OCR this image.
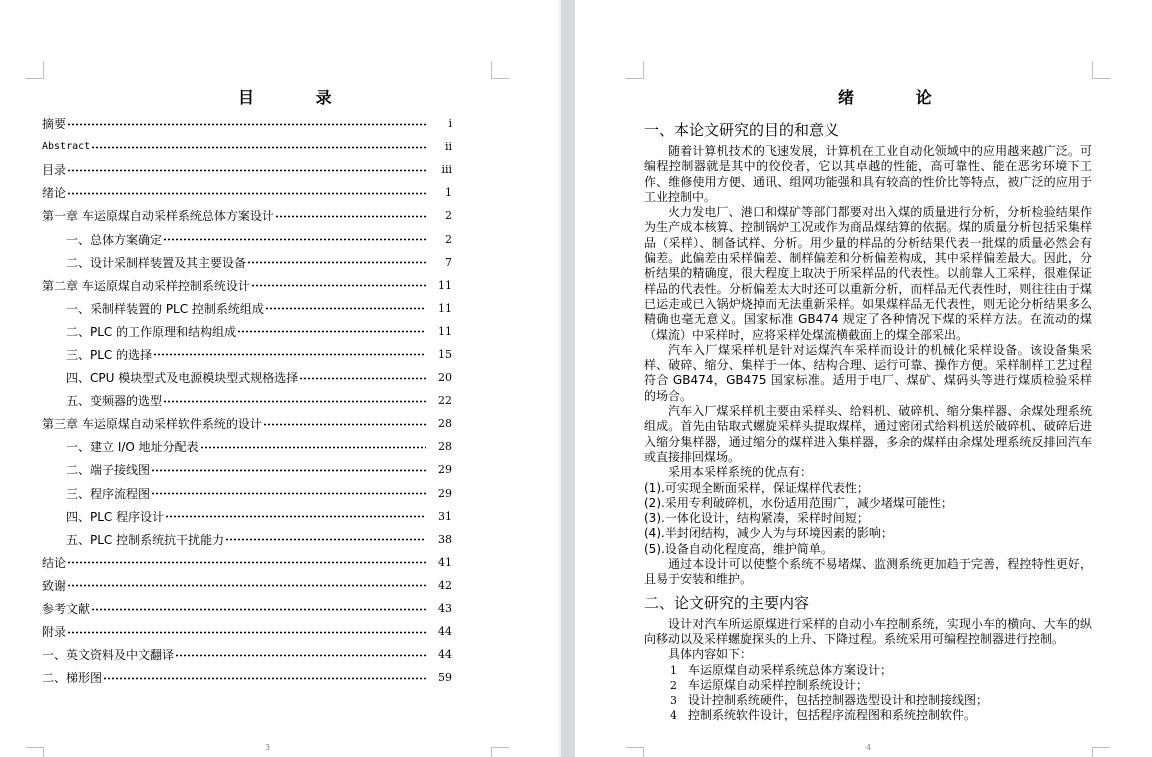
目 录
摘要	i
Abstract	ii
目录	iii
绪论	1
第一章 车运原煤自动采样系统总体方案设计	2
一、总体方案确定	2
二、设计采制样装置及其主要设备	7
第二章 车运原煤自动采样控制系统设计	11
一、采制样装置的 PLC 控制系统组成	11
二、PLC 的工作原理和结构组成	11
三、PLC 的选择	15
四、CPU 模块型式及电源模块型式规格选择	20
五、变频器的选型	22
第三章 车运原煤自动采样软件系统的设计	28
一、建立 I/O 地址分配表	28
二、端子接线图	29
三、程序流程图	29
四、PLC 程序设计	31
五、PLC 控制系统抗干扰能力	38
结论	41
致谢	42
参考文献	43
附录	44
一、英文资料及中文翻译	44
二、梯形图	59
3
绪 论
4
一、本论文研究的目的和意义

随着计算机技术的飞速发展，计算机在工业自动化领域中的应用越来越广泛。可编程控制器就是其中的佼佼者，它以其卓越的性能，高可靠性、能在恶劣环境下工作、维修使用方便、通讯、组网功能强和具有较高的性价比等特点，被广泛的应用于工业控制中。

火力发电厂、港口和煤矿等部门都要对出入煤的质量进行分析，分析检验结果作为生产成本核算、控制锅炉工况或作为商品煤结算的依据。煤的质量分析包括采集样品（采样）、制备试样、分析。用少量的样品的分析结果代表一批煤的质量必然会有偏差。此偏差由采样偏差、制样偏差和分析偏差构成，其中采样偏差最大。因此，分析结果的精确度，很大程度上取决于所采样品的代表性。以前靠人工采样，很难保证样品的代表性。分析偏差太大时还可以重新分析，而样品无代表性时，则往往由于煤已运走或已入锅炉烧掉而无法重新采样。如果煤样品无代表性，则无论分析结果多么精确也毫无意义。国家标准 GB474 规定了各种情况下煤的采样方法。在流动的煤（煤流）中采样时，应将采样处煤流横截面上的煤全部采出。

汽车入厂煤采样机是针对运煤汽车采样而设计的机械化采样设备。该设备集采样、破碎、缩分、集样于一体、结构合理、运行可靠、操作方便。采样制样工艺过程符合 GB474，GB475 国家标准。适用于电厂、煤矿、煤码头等进行煤质检验采样的场合。

汽车入厂煤采样机主要由采样头、给料机、破碎机、缩分集样器、余煤处理系统组成。首先由钻取式螺旋采样头提取煤样，通过密闭式给料机送於破碎机、破碎后进入缩分集样器，通过缩分的煤样进入集样器，多余的煤样由余煤处理系统反排回汽车或直接排回煤场。

采用本采样系统的优点有：

(1).可实现全断面采样，保证煤样代表性；

(2).采用专利破碎机，水份适用范围广，减少堵煤可能性；

(3).一体化设计，结构紧凑，采样时间短；

(4).半封闭结构，减少人为与环境因素的影响；

(5).设备自动化程度高，维护简单。

通过本设计可以使整个系统不易堵煤、监测系统更加趋于完善，程控特性更好，且易于安装和维护。

二、论文研究的主要内容

设计对汽车所运原煤进行采样的自动小车控制系统，实现小车的横向、大车的纵向移动以及采样螺旋探头的上升、下降过程。系统采用可编程控制器进行控制。

具体内容如下：

1 车运原煤自动采样系统总体方案设计；

2 车运原煤自动采样控制系统设计；

3 设计控制系统硬件，包括控制器选型设计和控制接线图；

4 控制系统软件设计，包括程序流程图和系统控制软件。
